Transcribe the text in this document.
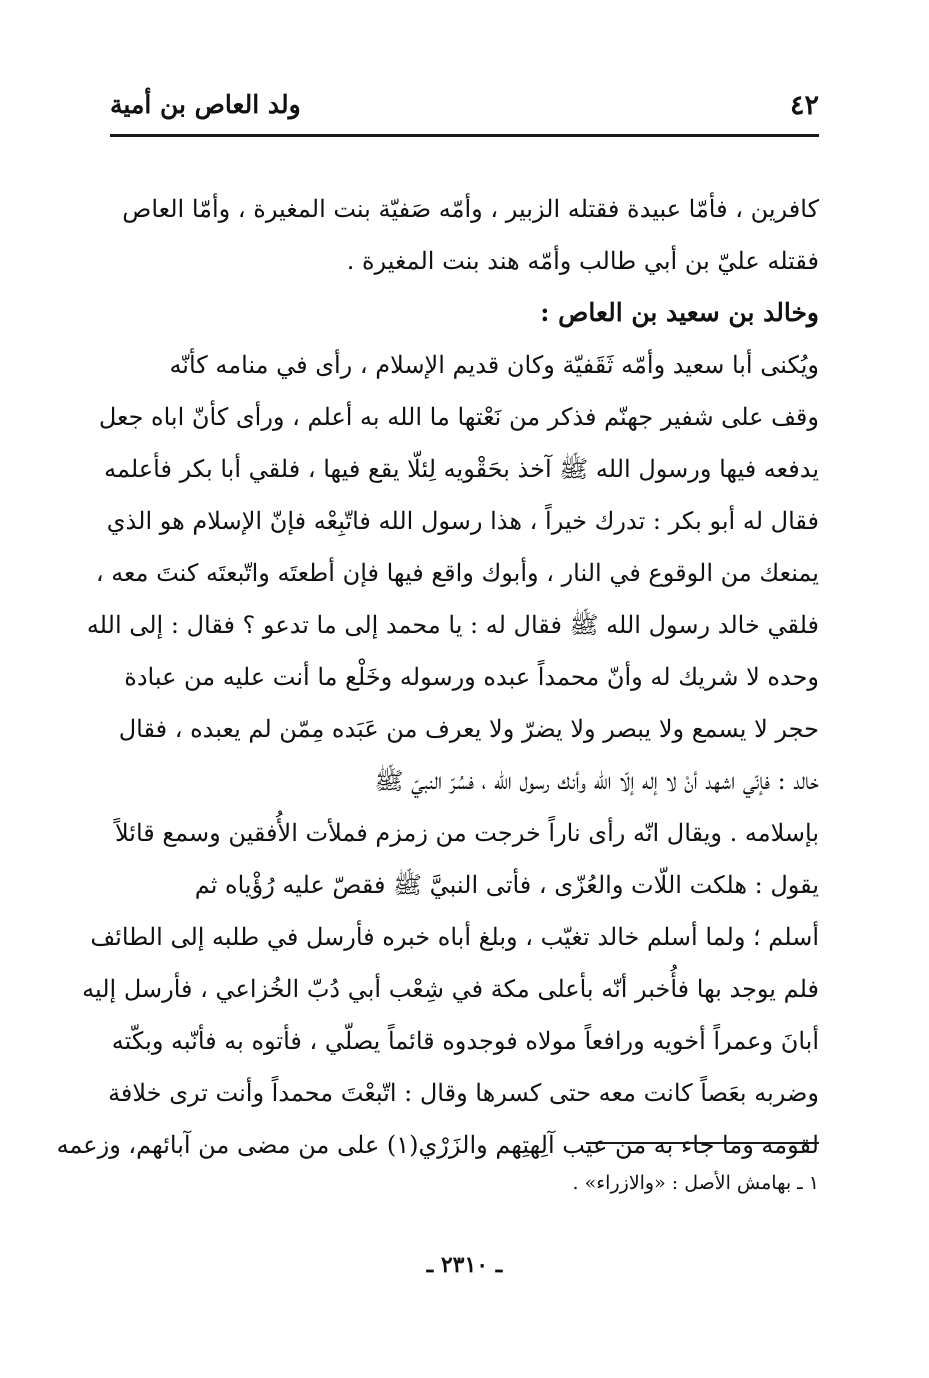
٤٢
ولد العاص بن أمية
كافرين ، فأمّا عبيدة فقتله الزبير ، وأمّه صَفيّة بنت المغيرة ، وأمّا العاص
فقتله عليّ بن أبي طالب وأمّه هند بنت المغيرة .
وخالد بن سعيد بن العاص :
ويُكنى أبا سعيد وأمّه ثَقَفيّة وكان قديم الإسلام ، رأى في منامه كأنّه
وقف على شفير جهنّم فذكر من نَعْتها ما الله به أعلم ، ورأى كأنّ اباه جعل
يدفعه فيها ورسول الله ﷺ آخذ بحَقْويه لِئلّا يقع فيها ، فلقي أبا بكر فأعلمه
فقال له أبو بكر : تدرك خيراً ، هذا رسول الله فاتّبِعْه فإنّ الإسلام هو الذي
يمنعك من الوقوع في النار ، وأبوك واقع فيها فإن أطعتَه واتّبعتَه كنتَ معه ،
فلقي خالد رسول الله ﷺ فقال له : يا محمد إلى ما تدعو ؟ فقال : إلى الله
وحده لا شريك له وأنّ محمداً عبده ورسوله وخَلْع ما أنت عليه من عبادة
حجر لا يسمع ولا يبصر ولا يضرّ ولا يعرف من عَبَده مِمّن لم يعبده ، فقال
خالد : فإنّي اشهد أنْ لا إله إلّا الله وأنك رسول الله ، فسُرّ النبيّ ﷺ
بإسلامه . ويقال انّه رأى ناراً خرجت من زمزم فملأت الأُفقين وسمع قائلاً
يقول : هلكت اللّات والعُزّى ، فأتى النبيَّ ﷺ فقصّ عليه رُؤْياه ثم
أسلم ؛ ولما أسلم خالد تغيّب ، وبلغ أباه خبره فأرسل في طلبه إلى الطائف
فلم يوجد بها فأُخبر أنّه بأعلى مكة في شِعْب أبي دُبّ الخُزاعي ، فأرسل إليه
أبانَ وعمراً أخويه ورافعاً مولاه فوجدوه قائماً يصلّي ، فأتوه به فأنّبه وبكّته
وضربه بعَصاً كانت معه حتى كسرها وقال : اتّبعْتَ محمداً وأنت ترى خلافة
لقومه وما جاء به من عيب آلِهتِهم والزَرْي(١) على من مضى من آبائهم، وزعمه
١ ـ بهامش الأصل : «والازراء» .
ـ ٢٣١٠ ـ
